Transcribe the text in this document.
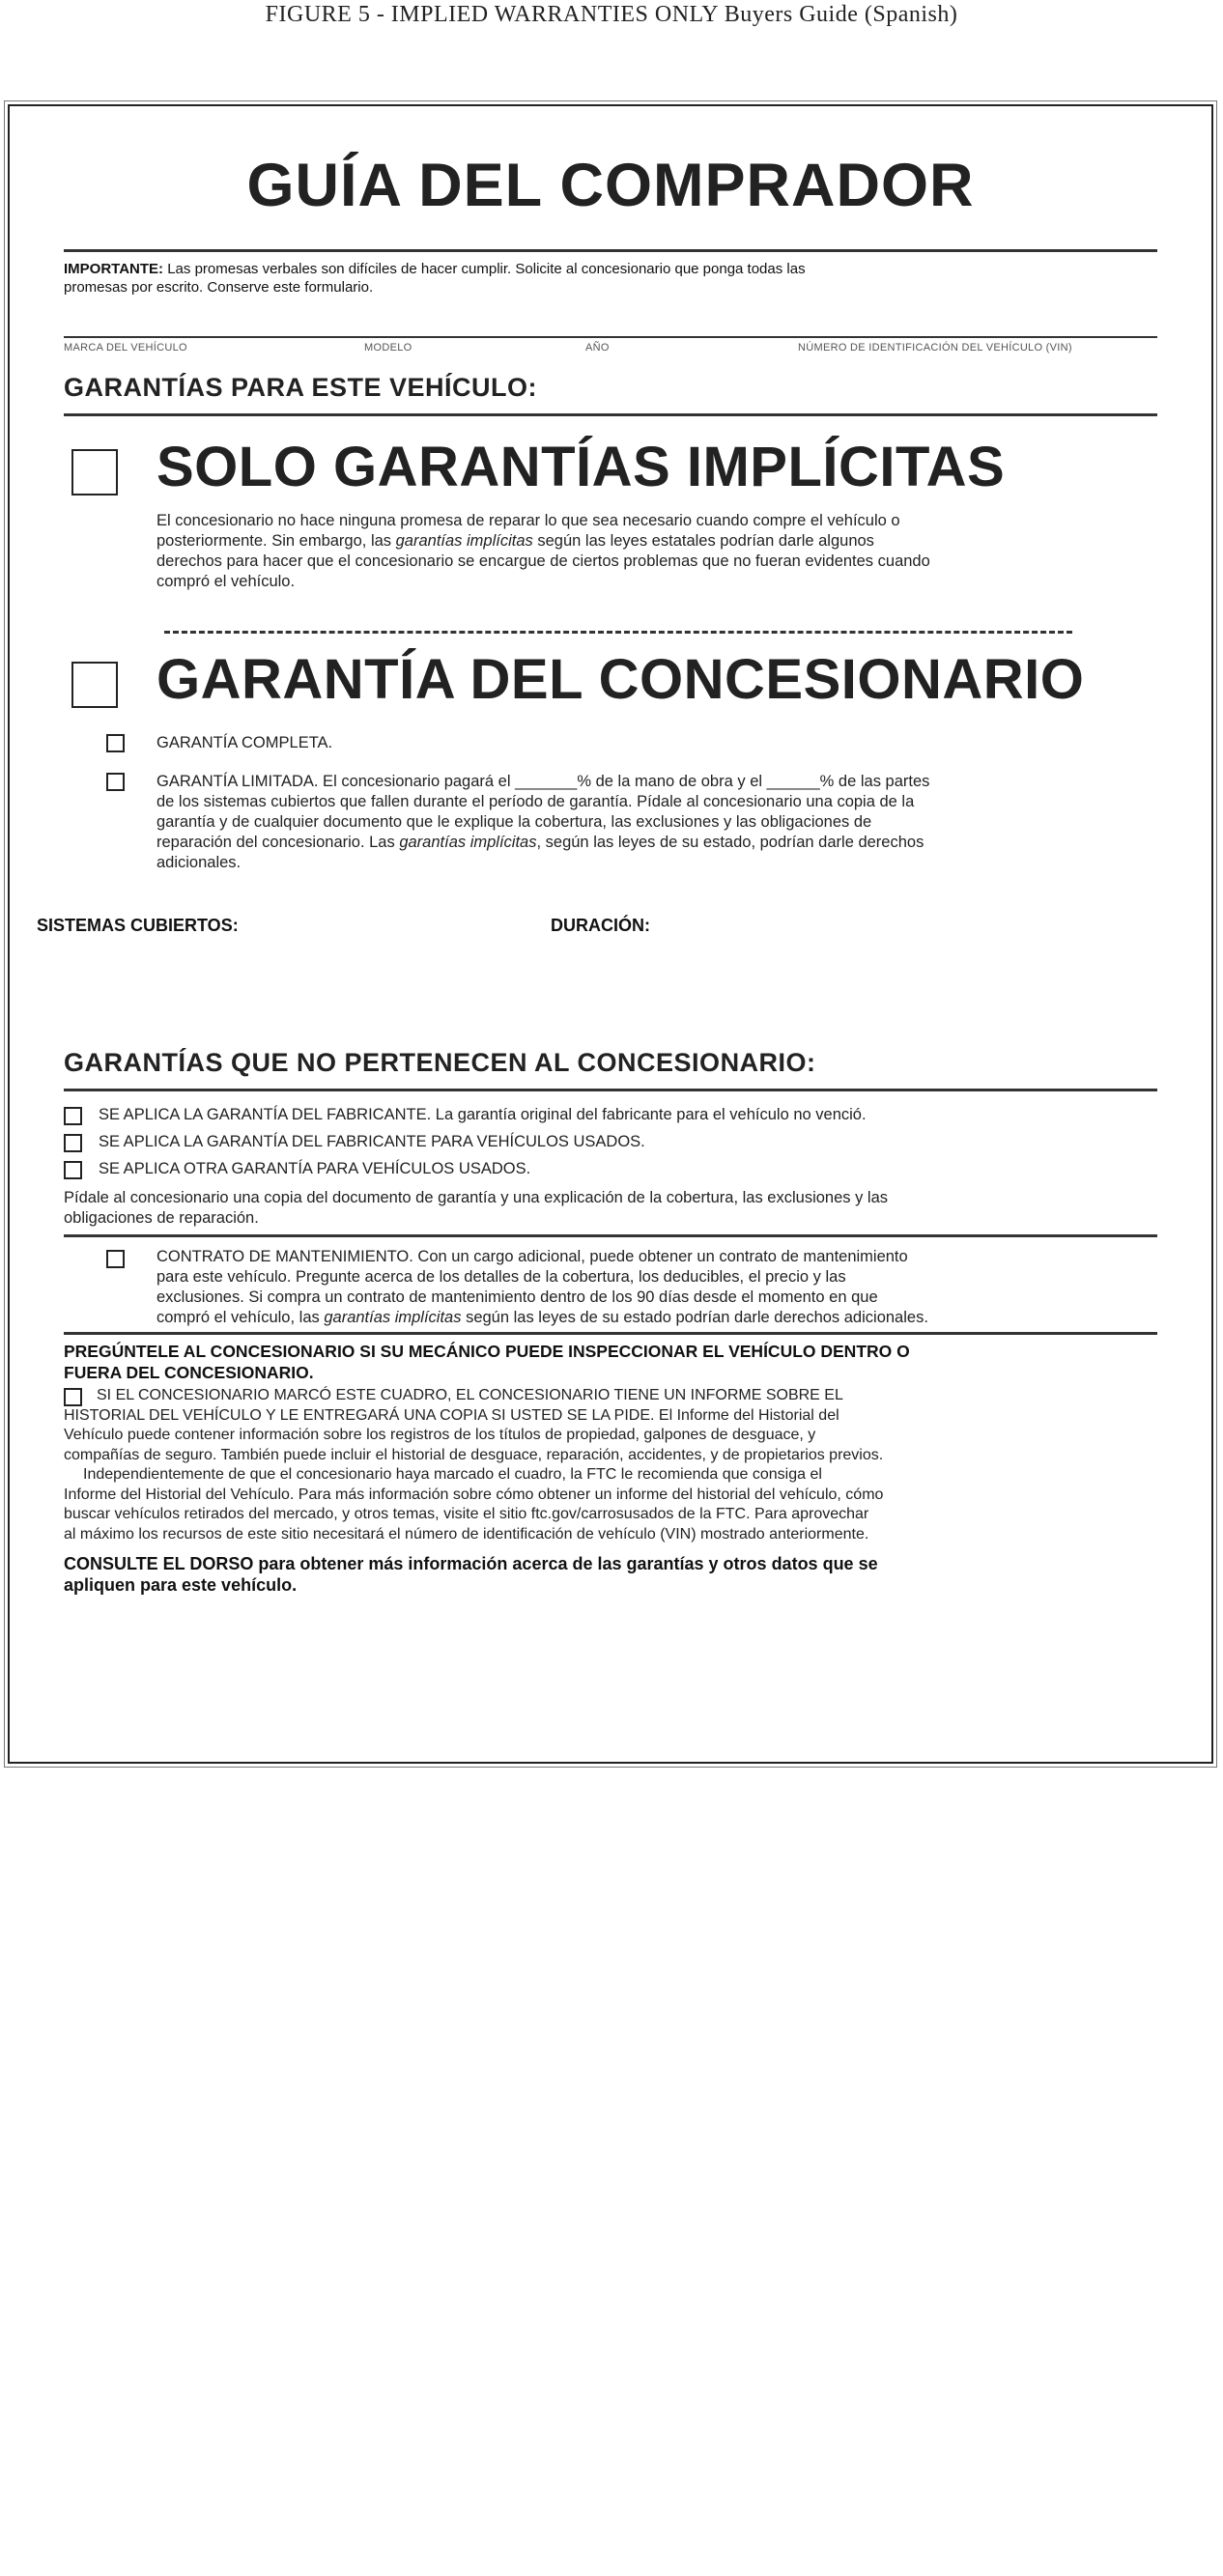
FIGURE 5 - IMPLIED WARRANTIES ONLY Buyers Guide (Spanish)
GUÍA DEL COMPRADOR
IMPORTANTE: Las promesas verbales son difíciles de hacer cumplir. Solicite al concesionario que ponga todas las
promesas por escrito. Conserve este formulario.
MARCA DEL VEHÍCULO	MODELO	AÑO	NÚMERO DE IDENTIFICACIÓN DEL VEHÍCULO (VIN)
GARANTÍAS PARA ESTE VEHÍCULO:
SOLO GARANTÍAS IMPLÍCITAS
El concesionario no hace ninguna promesa de reparar lo que sea necesario cuando compre el vehículo o
posteriormente. Sin embargo, las garantías implícitas según las leyes estatales podrían darle algunos
derechos para hacer que el concesionario se encargue de ciertos problemas que no fueran evidentes cuando
compró el vehículo.
GARANTÍA DEL CONCESIONARIO
GARANTÍA COMPLETA.
GARANTÍA LIMITADA. El concesionario pagará el _______% de la mano de obra y el ______% de las partes
de los sistemas cubiertos que fallen durante el período de garantía. Pídale al concesionario una copia de la
garantía y de cualquier documento que le explique la cobertura, las exclusiones y las obligaciones de
reparación del concesionario. Las garantías implícitas, según las leyes de su estado, podrían darle derechos
adicionales.
SISTEMAS CUBIERTOS:	DURACIÓN:
GARANTÍAS QUE NO PERTENECEN AL CONCESIONARIO:
SE APLICA LA GARANTÍA DEL FABRICANTE. La garantía original del fabricante para el vehículo no venció.
SE APLICA LA GARANTÍA DEL FABRICANTE PARA VEHÍCULOS USADOS.
SE APLICA OTRA GARANTÍA PARA VEHÍCULOS USADOS.
Pídale al concesionario una copia del documento de garantía y una explicación de la cobertura, las exclusiones y las
obligaciones de reparación.
CONTRATO DE MANTENIMIENTO. Con un cargo adicional, puede obtener un contrato de mantenimiento
para este vehículo. Pregunte acerca de los detalles de la cobertura, los deducibles, el precio y las
exclusiones. Si compra un contrato de mantenimiento dentro de los 90 días desde el momento en que
compró el vehículo, las garantías implícitas según las leyes de su estado podrían darle derechos adicionales.
PREGÚNTELE AL CONCESIONARIO SI SU MECÁNICO PUEDE INSPECCIONAR EL VEHÍCULO DENTRO O
FUERA DEL CONCESIONARIO.
SI EL CONCESIONARIO MARCÓ ESTE CUADRO, EL CONCESIONARIO TIENE UN INFORME SOBRE EL
HISTORIAL DEL VEHÍCULO Y LE ENTREGARÁ UNA COPIA SI USTED SE LA PIDE. El Informe del Historial del
Vehículo puede contener información sobre los registros de los títulos de propiedad, galpones de desguace, y
compañías de seguro. También puede incluir el historial de desguace, reparación, accidentes, y de propietarios previos.
Independientemente de que el concesionario haya marcado el cuadro, la FTC le recomienda que consiga el
Informe del Historial del Vehículo. Para más información sobre cómo obtener un informe del historial del vehículo, cómo
buscar vehículos retirados del mercado, y otros temas, visite el sitio ftc.gov/carrosusados de la FTC. Para aprovechar
al máximo los recursos de este sitio necesitará el número de identificación de vehículo (VIN) mostrado anteriormente.
CONSULTE EL DORSO para obtener más información acerca de las garantías y otros datos que se
apliquen para este vehículo.
